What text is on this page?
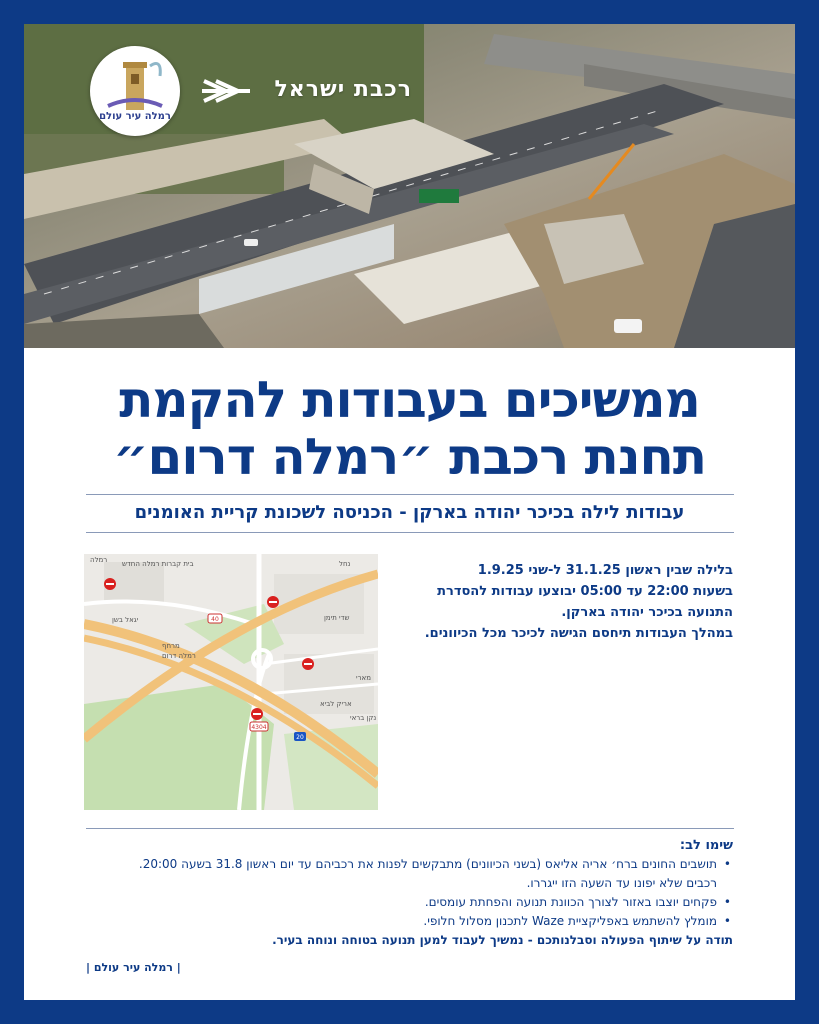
רמלה עיר עולם
רכבת ישראל
ממשיכים בעבודות להקמת
תחנת רכבת ״רמלה דרום״
עבודות לילה בכיכר יהודה בארקן - הכניסה לשכונת קריית האומנים
40
4304
20
בית קברות רמלה החדש
רמלה
יגאל בשן
נחל
מרחף
רמלה דרום
שדי תימן
מארי
אריק לביא
נקן בראי
בלילה שבין ראשון 31.1.25 ל-שני 1.9.25
בשעות 22:00 עד 05:00 יבוצעו עבודות להסדרת
התנועה בכיכר יהודה בארקן.
במהלך העבודות תיחסם הגישה לכיכר מכל הכיוונים.
שימו לב:
• תושבים החונים ברח׳ אריה אליאס (בשני הכיוונים) מתבקשים לפנות את רכביהם עד יום ראשון 31.8 בשעה 20:00.
רכבים שלא יפונו עד השעה הזו ייגררו.
• פקחים יוצבו באזור לצורך הכוונת תנועה והפחתת עומסים.
• מומלץ להשתמש באפליקציית Waze לתכנון מסלול חלופי.
תודה על שיתוף הפעולה וסבלנותכם - נמשיך לעבוד למען תנועה בטוחה ונוחה בעיר.
| רמלה עיר עולם |
